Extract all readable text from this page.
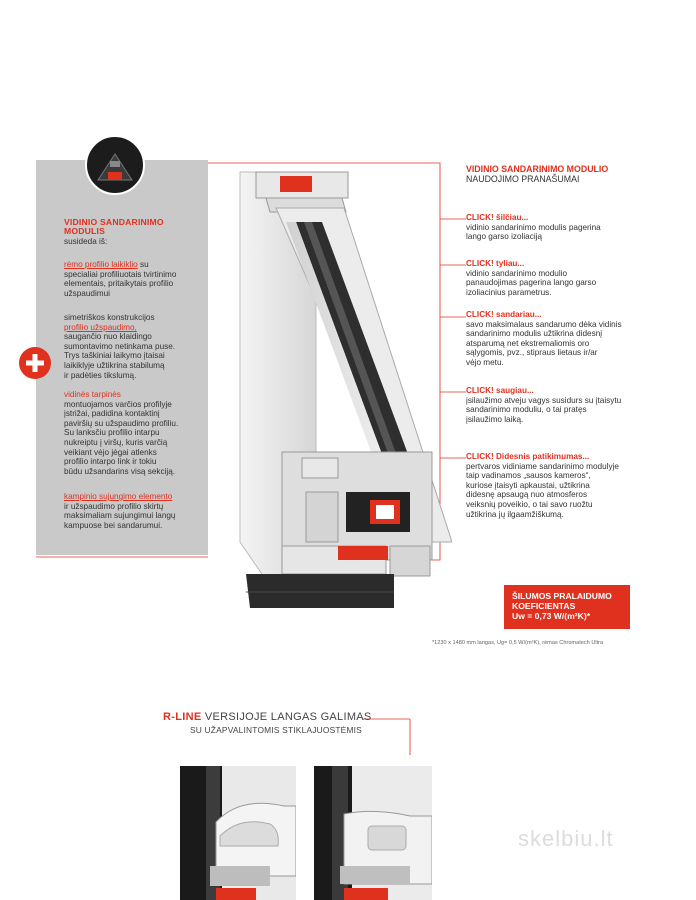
VIDINIO SANDARINIMO
MODULIS
susideda iš:
rėmo profilio laikiklio su
specialiai profiliuotais tvirtinimo
elementais, pritaikytais profilio
užspaudimui
simetriškos konstrukcijos
profilio užspaudimo,
saugančio nuo klaidingo
sumontavimo netinkama puse.
Trys taškiniai laikymo įtaisai
laikiklyje užtikrina stabilumą
ir padėties tikslumą.
vidinės tarpinės
montuojamos varčios profilyje
įstrižai, padidina kontaktinį
paviršių su užspaudimo profiliu.
Su lanksčiu profilio intarpu
nukreiptu į viršų, kuris varčią
veikiant vėjo jėgai atlenks
profilio intarpo link ir tokiu
būdu užsandarins visą sekciją.
kampinio sujungimo elemento
ir užspaudimo profilio skirtų
maksimaliam sujungimui langų
kampuose bei sandarumui.
VIDINIO SANDARINIMO MODULIO
NAUDOJIMO PRANAŠUMAI
CLICK! šilčiau...
vidinio sandarinimo modulis pagerina
lango garso izoliaciją
CLICK! tyliau...
vidinio sandarinimo modulio
panaudojimas pagerina lango garso
izoliacinius parametrus.
CLICK! sandariau...
savo maksimalaus sandarumo dėka vidinis
sandarinimo modulis užtikrina didesnį
atsparumą net ekstremaliomis oro
sąlygomis, pvz., stipraus lietaus ir/ar
vėjo metu.
CLICK! saugiau...
įsilaužimo atveju vagys susidurs su įtaisytu
sandarinimo moduliu, o tai pratęs
įsilaužimo laiką.
CLICK! Didesnis patikimumas...
pertvaros vidiniame sandarinimo modulyje
taip vadinamos „sausos kameros“,
kuriose įtaisyti apkaustai, užtikrina
didesnę apsaugą nuo atmosferos
veiksnių poveikio, o tai savo ruožtu
užtikrina jų ilgaamžiškumą.
ŠILUMOS PRALAIDUMO
KOEFICIENTAS
Uw = 0,73 W/(m²K)*
*1230 x 1480 mm langas, Ug= 0,5 W/(m²K), rėmas Chromatech Ultra
R-LINE VERSIJOJE LANGAS GALIMAS
SU UŽAPVALINTOMIS STIKLAJUOSTĖMIS
skelbiu.lt
